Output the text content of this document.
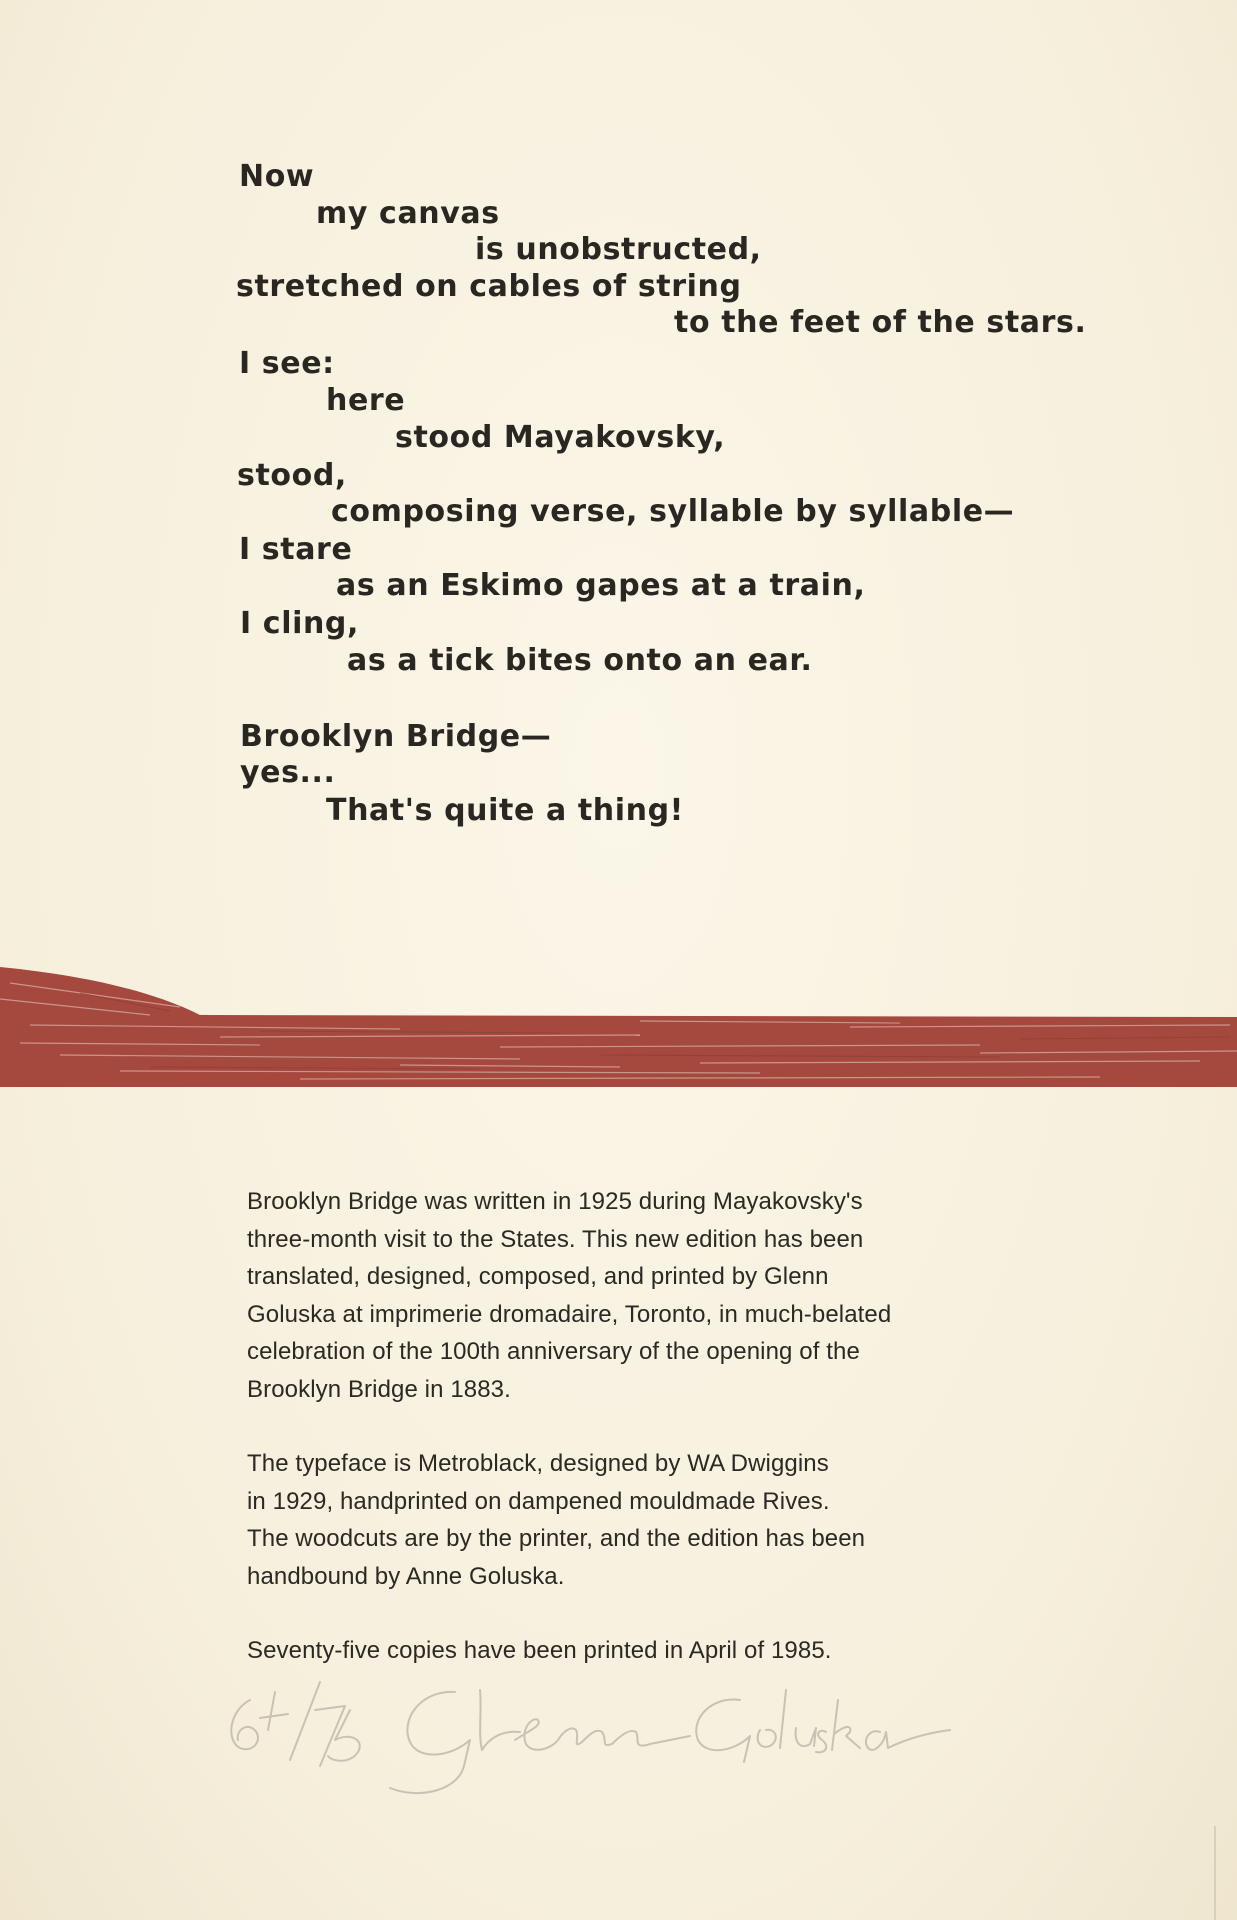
Now
my canvas
is unobstructed,
stretched on cables of string
to the feet of the stars.
I see:
here
stood Mayakovsky,
stood,
composing verse, syllable by syllable—
I stare
as an Eskimo gapes at a train,
I cling,
as a tick bites onto an ear.
Brooklyn Bridge—
yes...
That's quite a thing!

Brooklyn Bridge was written in 1925 during Mayakovsky's

three-month visit to the States. This new edition has been

translated, designed, composed, and printed by Glenn

Goluska at imprimerie dromadaire, Toronto, in much-belated

celebration of the 100th anniversary of the opening of the

Brooklyn Bridge in 1883.

The typeface is Metroblack, designed by WA Dwiggins

in 1929, handprinted on dampened mouldmade Rives.

The woodcuts are by the printer, and the edition has been

handbound by Anne Goluska.

Seventy-five copies have been printed in April of 1985.
